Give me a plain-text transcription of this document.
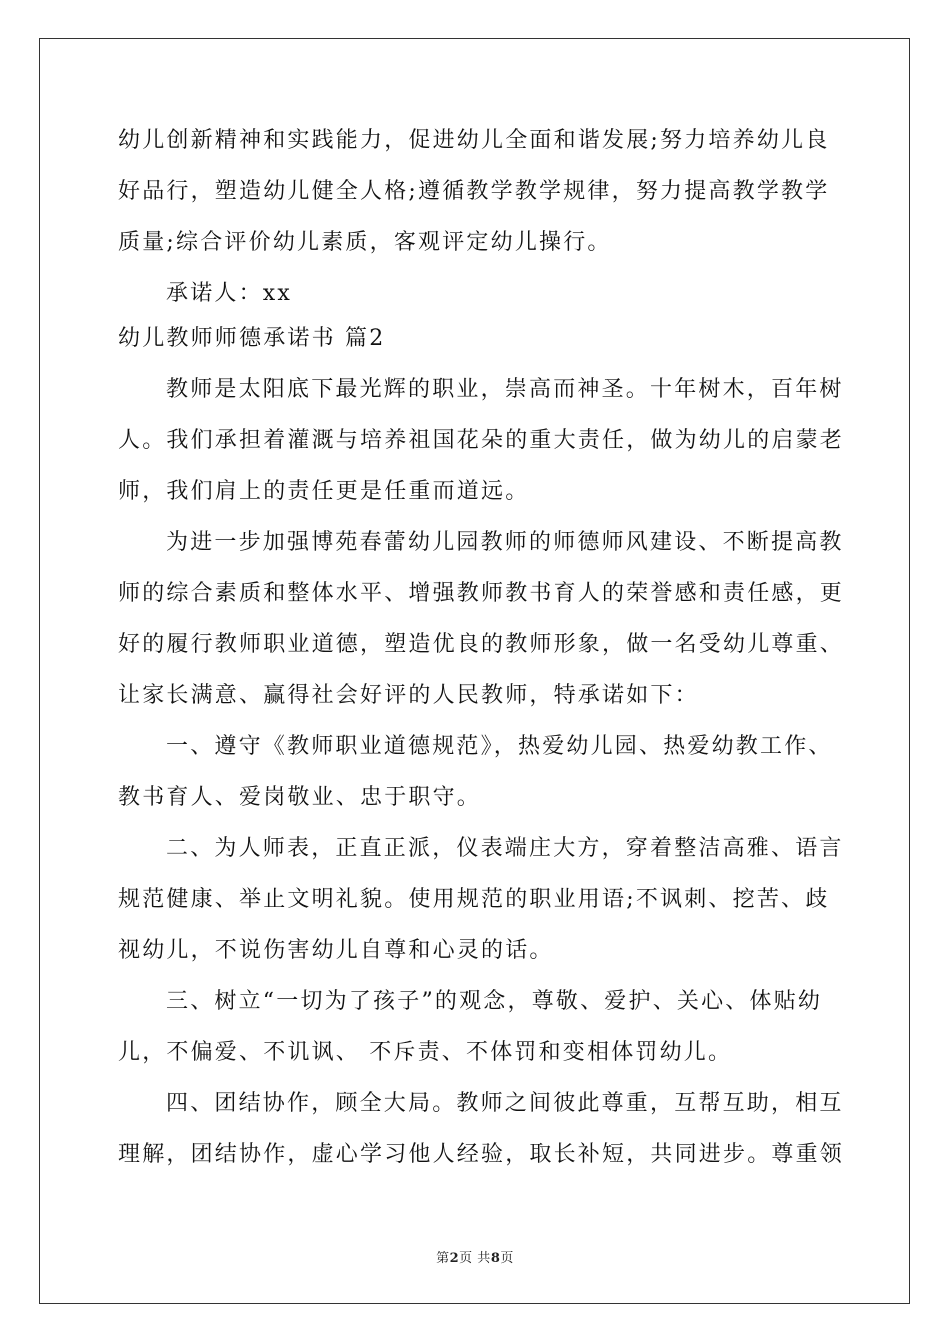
幼儿创新精神和实践能力，促进幼儿全面和谐发展;努力培养幼儿良
好品行，塑造幼儿健全人格;遵循教学教学规律，努力提高教学教学
质量;综合评价幼儿素质，客观评定幼儿操行。
承诺人：xx
幼儿教师师德承诺书 篇2
教师是太阳底下最光辉的职业，崇高而神圣。十年树木，百年树
人。我们承担着灌溉与培养祖国花朵的重大责任，做为幼儿的启蒙老
师，我们肩上的责任更是任重而道远。
为进一步加强博苑春蕾幼儿园教师的师德师风建设、不断提高教
师的综合素质和整体水平、增强教师教书育人的荣誉感和责任感，更
好的履行教师职业道德，塑造优良的教师形象，做一名受幼儿尊重、
让家长满意、赢得社会好评的人民教师，特承诺如下：
一、遵守《教师职业道德规范》，热爱幼儿园、热爱幼教工作、
教书育人、爱岗敬业、忠于职守。
二、为人师表，正直正派，仪表端庄大方，穿着整洁高雅、语言
规范健康、举止文明礼貌。使用规范的职业用语;不讽刺、挖苦、歧
视幼儿，不说伤害幼儿自尊和心灵的话。
三、树立“一切为了孩子”的观念，尊敬、爱护、关心、体贴幼
儿，不偏爱、不讥讽、 不斥责、不体罚和变相体罚幼儿。
四、团结协作，顾全大局。教师之间彼此尊重，互帮互助，相互
理解，团结协作，虚心学习他人经验，取长补短，共同进步。尊重领
第2页 共8页
